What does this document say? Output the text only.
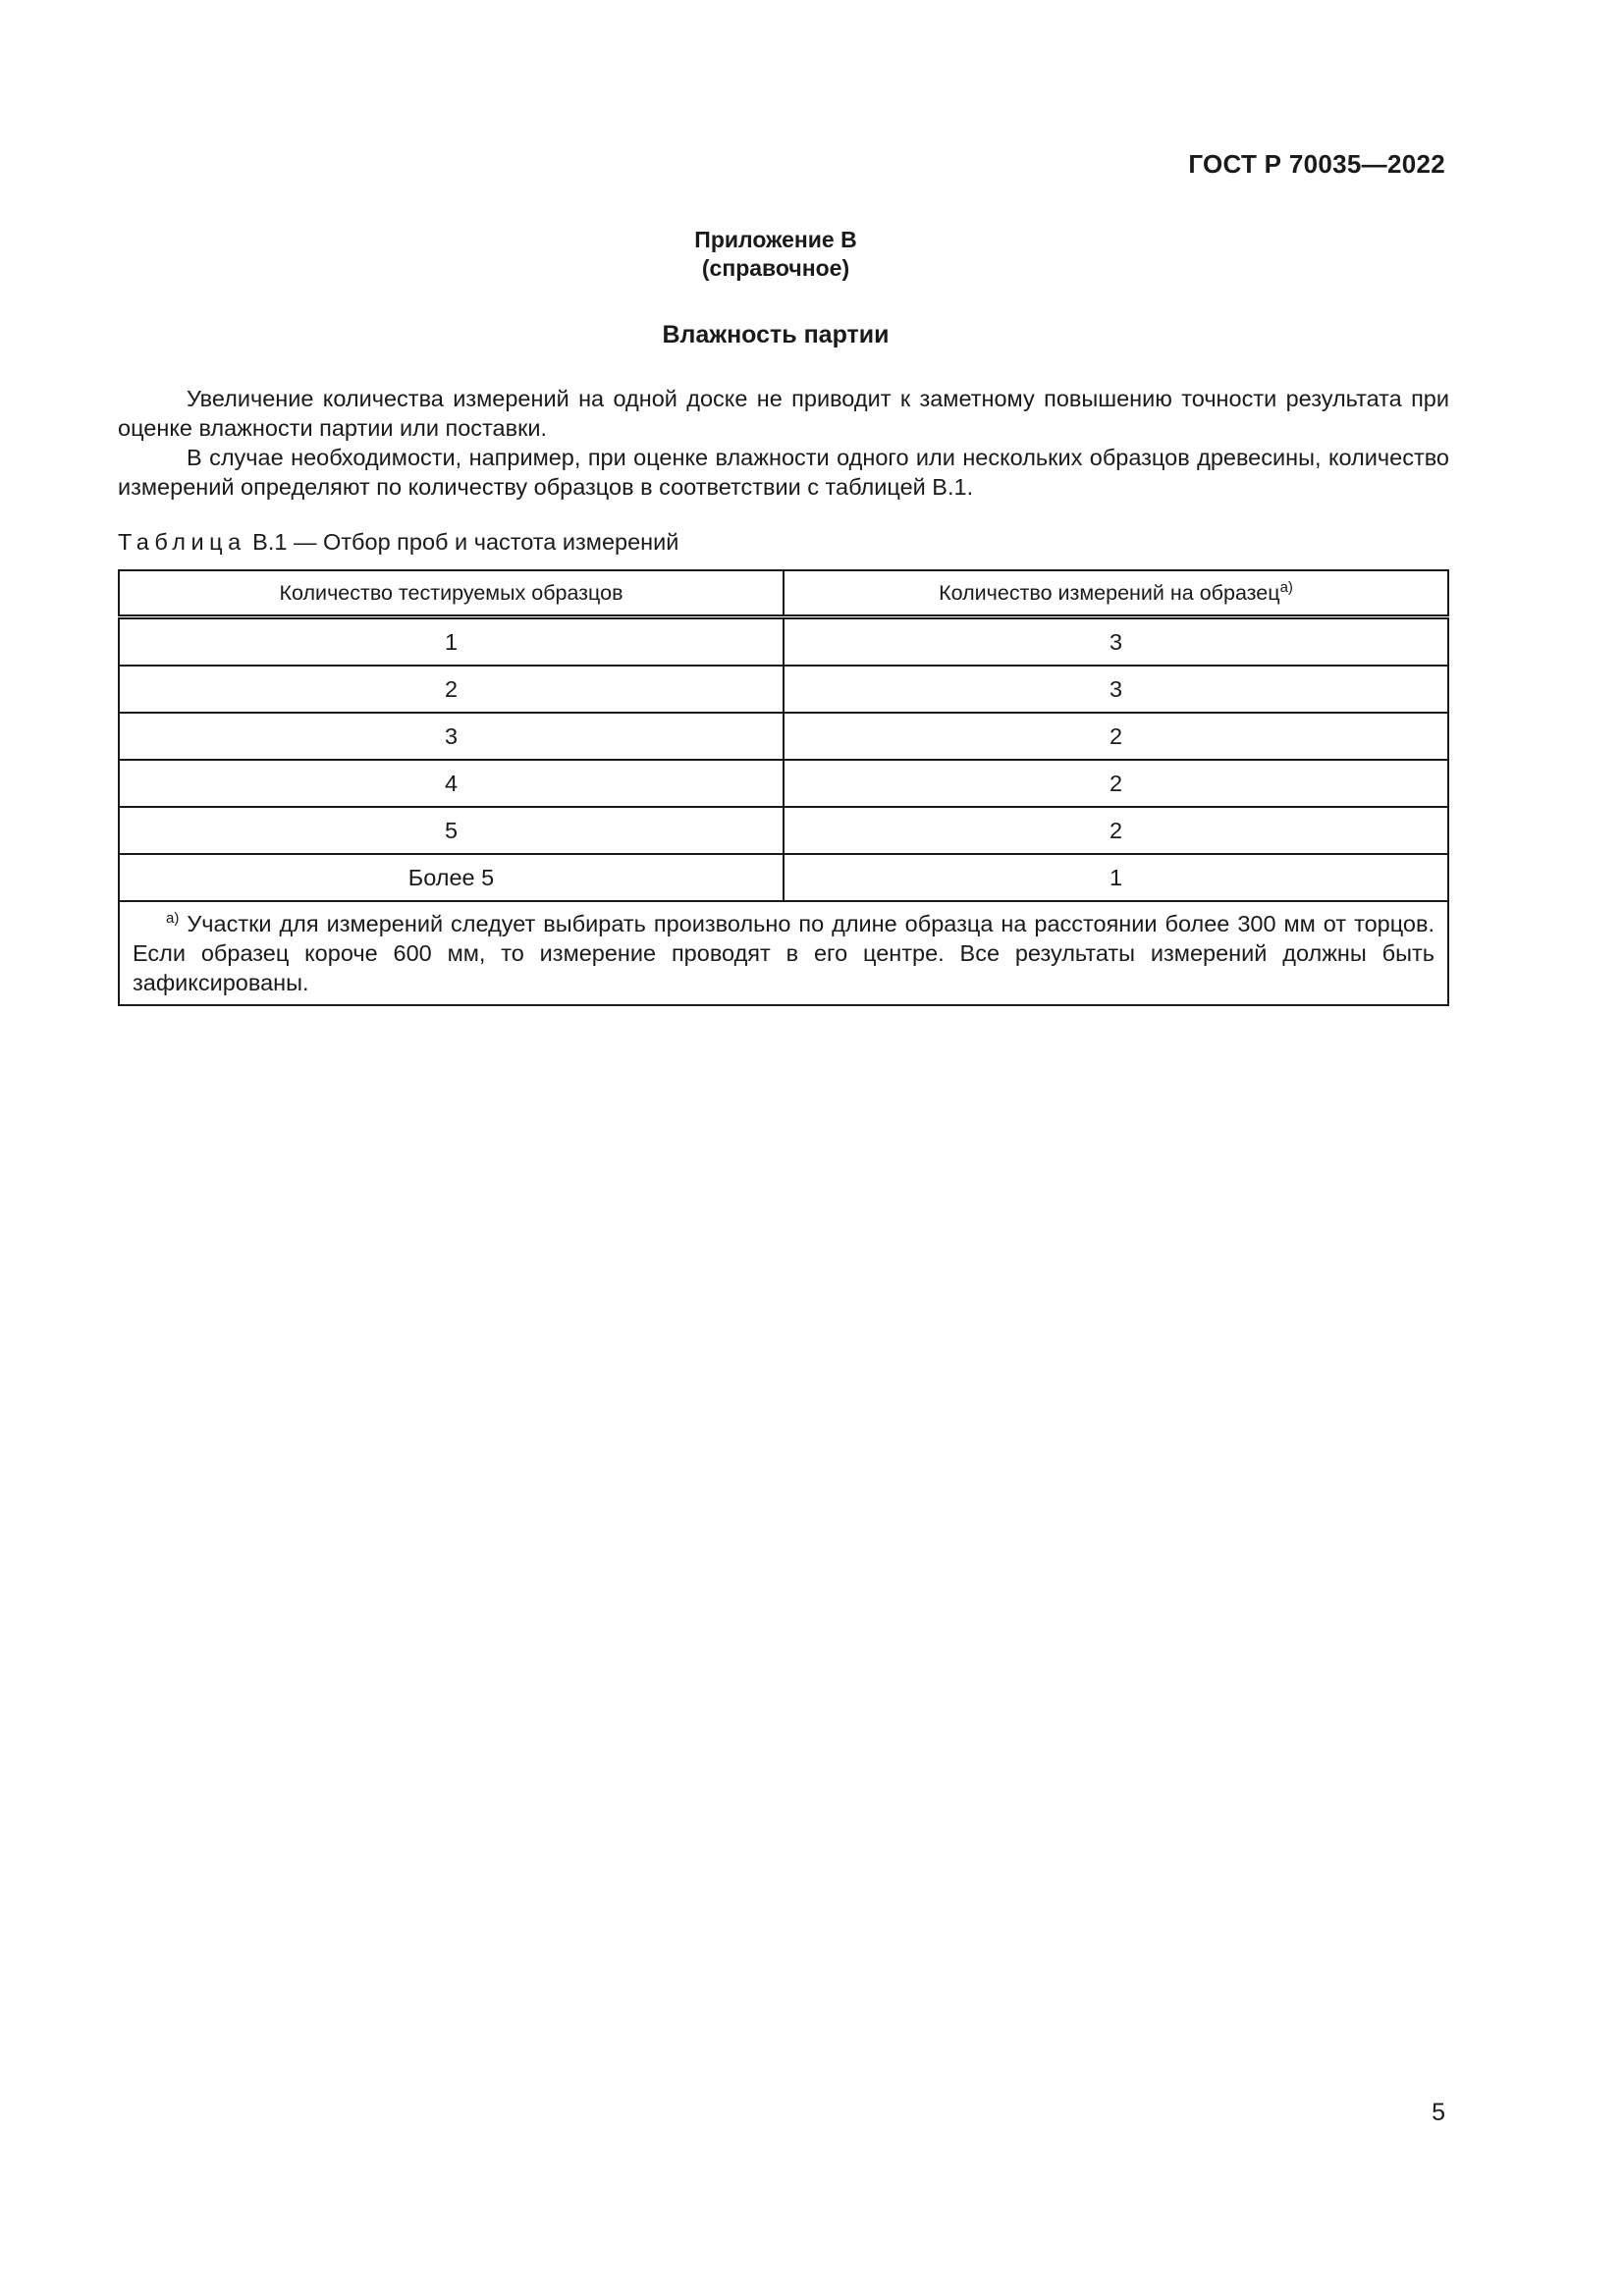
ГОСТ Р 70035—2022
Приложение В
(справочное)
Влажность партии

Увеличение количества измерений на одной доске не приводит к заметному повышению точности результата при оценке влажности партии или поставки.

В случае необходимости, например, при оценке влажности одного или нескольких образцов древесины, количество измерений определяют по количеству образцов в соответствии с таблицей В.1.

Таблица В.1 — Отбор проб и частота измерений
Количество тестируемых образцов	Количество измерений на образец$^{а)}$
1	3
2	3
3	2
4	2
5	2
Более 5	1
$^{а)}$ Участки для измерений следует выбирать произвольно по длине образца на расстоянии более 300 мм от торцов. Если образец короче 600 мм, то измерение проводят в его центре. Все результаты измерений должны быть зафиксированы.	
5
